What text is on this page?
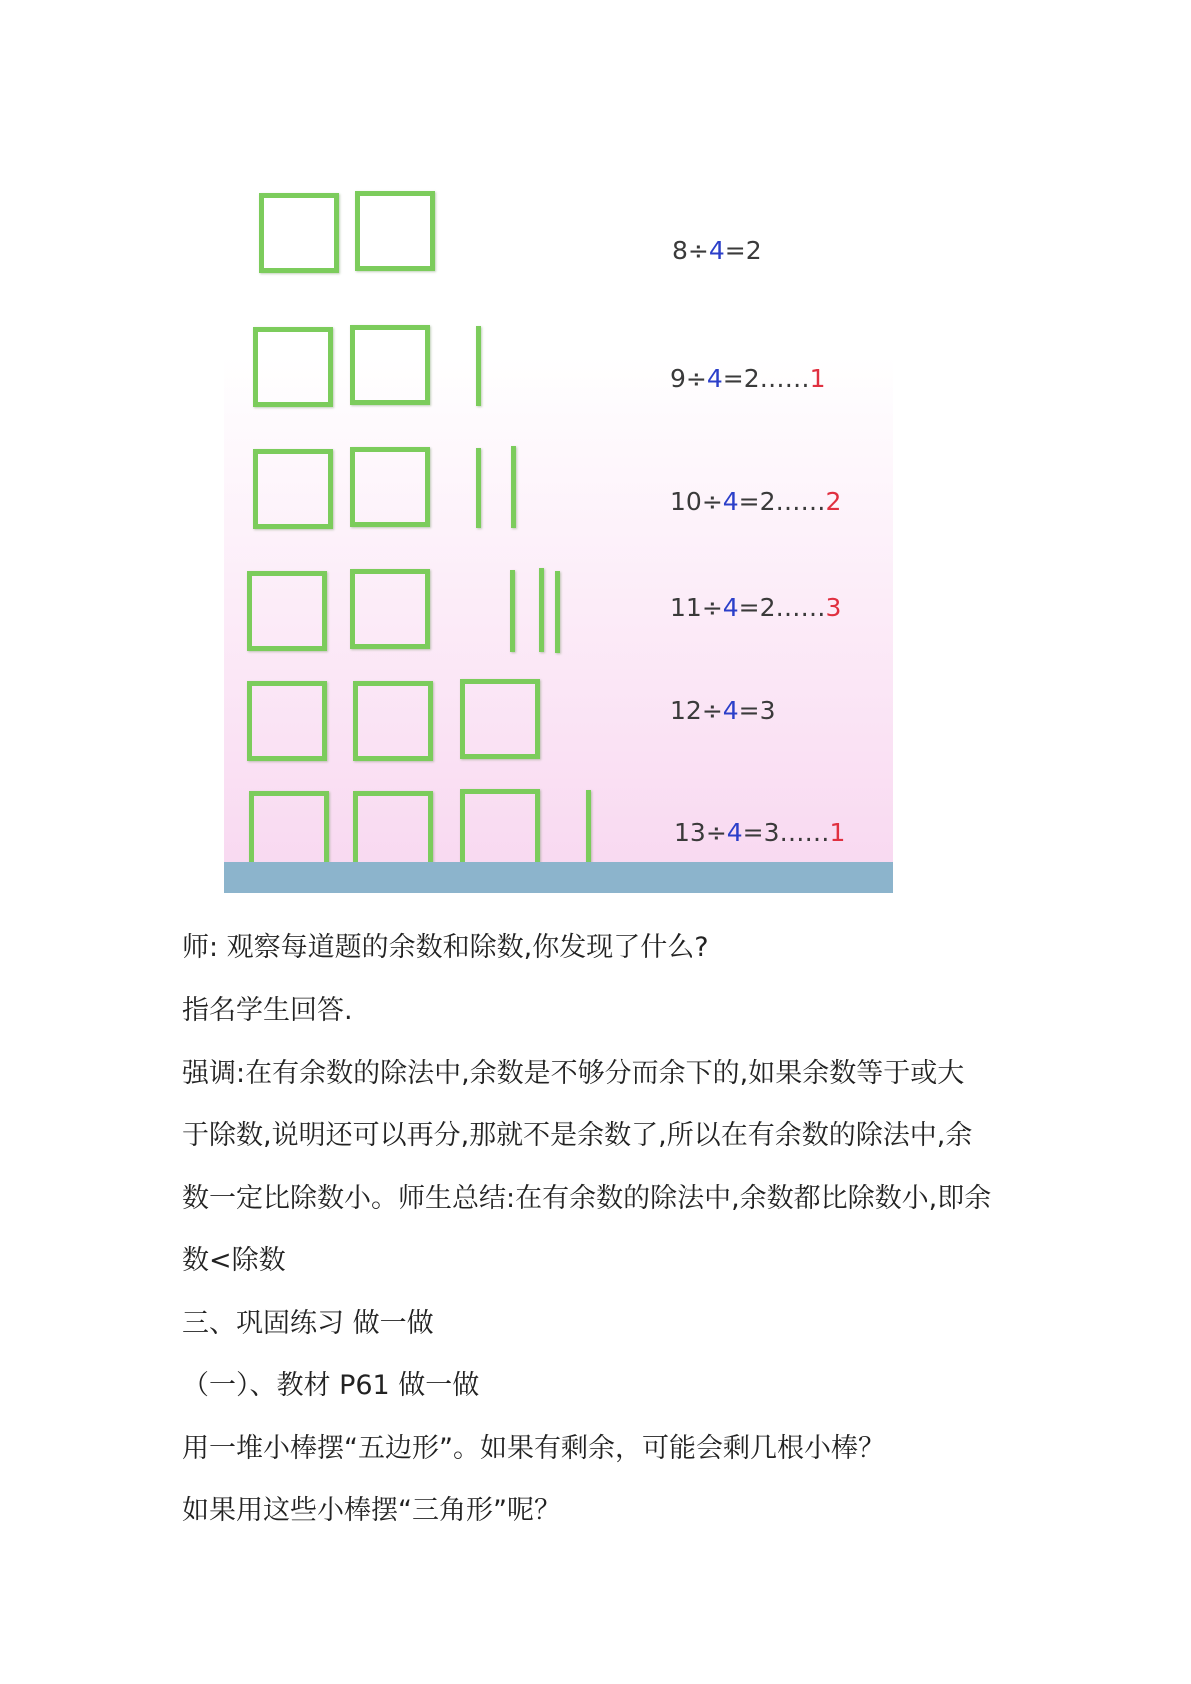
8÷4=2
9÷4=2……1
10÷4=2……2
11÷4=2……3
12÷4=3
13÷4=3……1

师: 观察每道题的余数和除数,你发现了什么?

指名学生回答.

强调:在有余数的除法中,余数是不够分而余下的,如果余数等于或大

于除数,说明还可以再分,那就不是余数了,所以在有余数的除法中,余

数一定比除数小。师生总结:在有余数的除法中,余数都比除数小,即余

数<除数

三、巩固练习 做一做

（一）、教材 P61 做一做

用一堆小棒摆“五边形”。如果有剩余，可能会剩几根小棒？

如果用这些小棒摆“三角形”呢？
